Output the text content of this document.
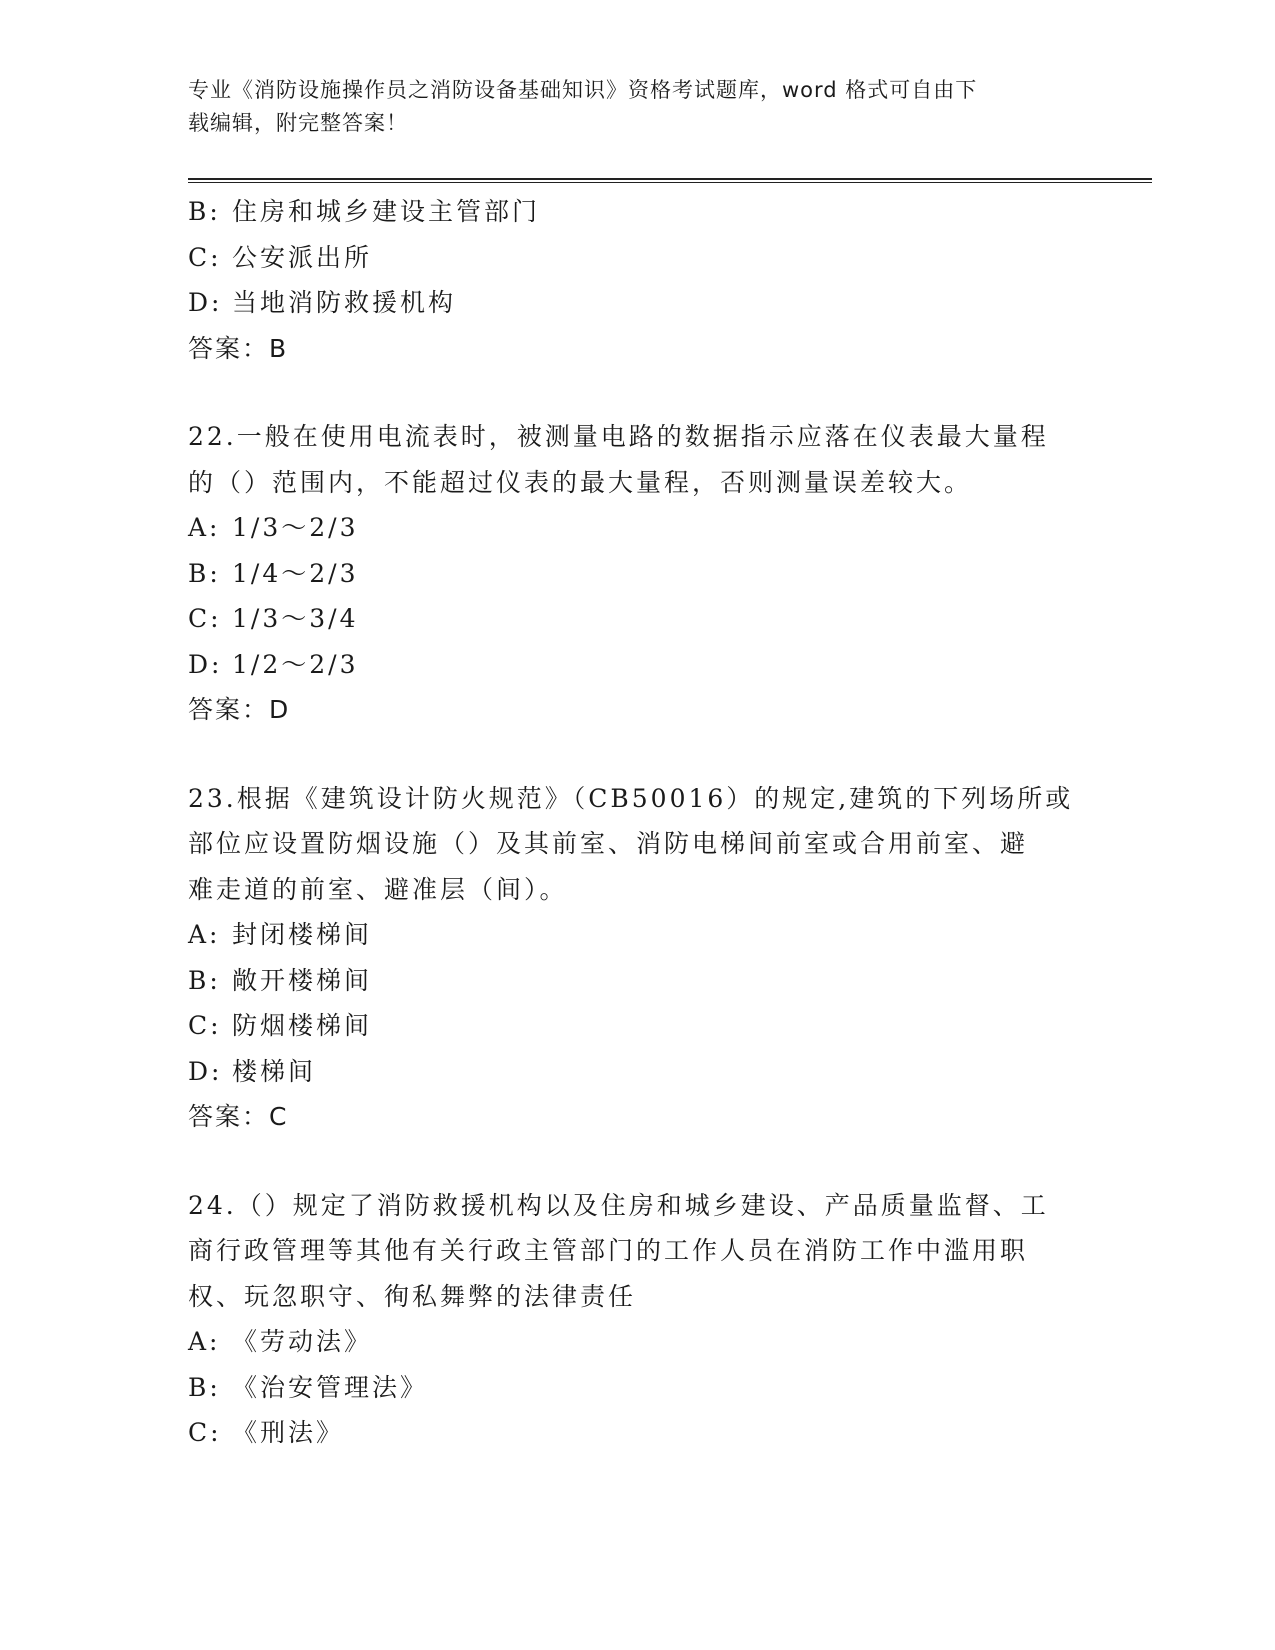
专业《消防设施操作员之消防设备基础知识》资格考试题库，word 格式可自由下
载编辑，附完整答案！
B: 住房和城乡建设主管部门
C: 公安派出所
D: 当地消防救援机构
答案：B
22.一般在使用电流表时，被测量电路的数据指示应落在仪表最大量程
的（）范围内，不能超过仪表的最大量程，否则测量误差较大。
A: 1/3～2/3
B: 1/4～2/3
C: 1/3～3/4
D: 1/2～2/3
答案：D
23.根据《建筑设计防火规范》（CB50016）的规定,建筑的下列场所或
部位应设置防烟设施（）及其前室、消防电梯间前室或合用前室、避
难走道的前室、避准层（间）。
A: 封闭楼梯间
B: 敞开楼梯间
C: 防烟楼梯间
D: 楼梯间
答案：C
24.（）规定了消防救援机构以及住房和城乡建设、产品质量监督、工
商行政管理等其他有关行政主管部门的工作人员在消防工作中滥用职
权、玩忽职守、徇私舞弊的法律责任
A: 《劳动法》
B: 《治安管理法》
C: 《刑法》
